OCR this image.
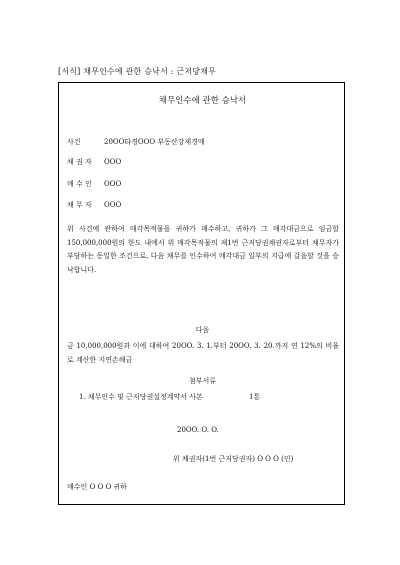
[서식] 채무인수에 관한 승낙서 : 근저당채무
채무인수에 관한 승낙서
사건	20OO타경OOO 부동산강제경매
채 권 자 OOO
매 수 인 OOO
채 무 자 OOO
위 사건에 관하여 매각목적물을 귀하가 매수하고, 귀하가 그 매각대금으로 임금할 150,000,000원의 한도 내에서 위 매각목적물의 제1번 근저당권채권자로부터 채무자가 부담하는 동일한 조건으로, 다음 채무를 인수하여 매각대금 일부의 지급에 갈음할 것을 승낙합니다.
다음
금 10,000,000원과 이에 대하여 20OO. 3. 1.부터 20OO. 3. 20.까지 연 12%의 비율로 계산한 지연손해금
첨부서류
1. 채무인수 및 근저당권설정계약서 사본	1통
20OO. O. O.
위 채권자(1번 근저당권자) O O O (인)
매수인 O O O 귀하
